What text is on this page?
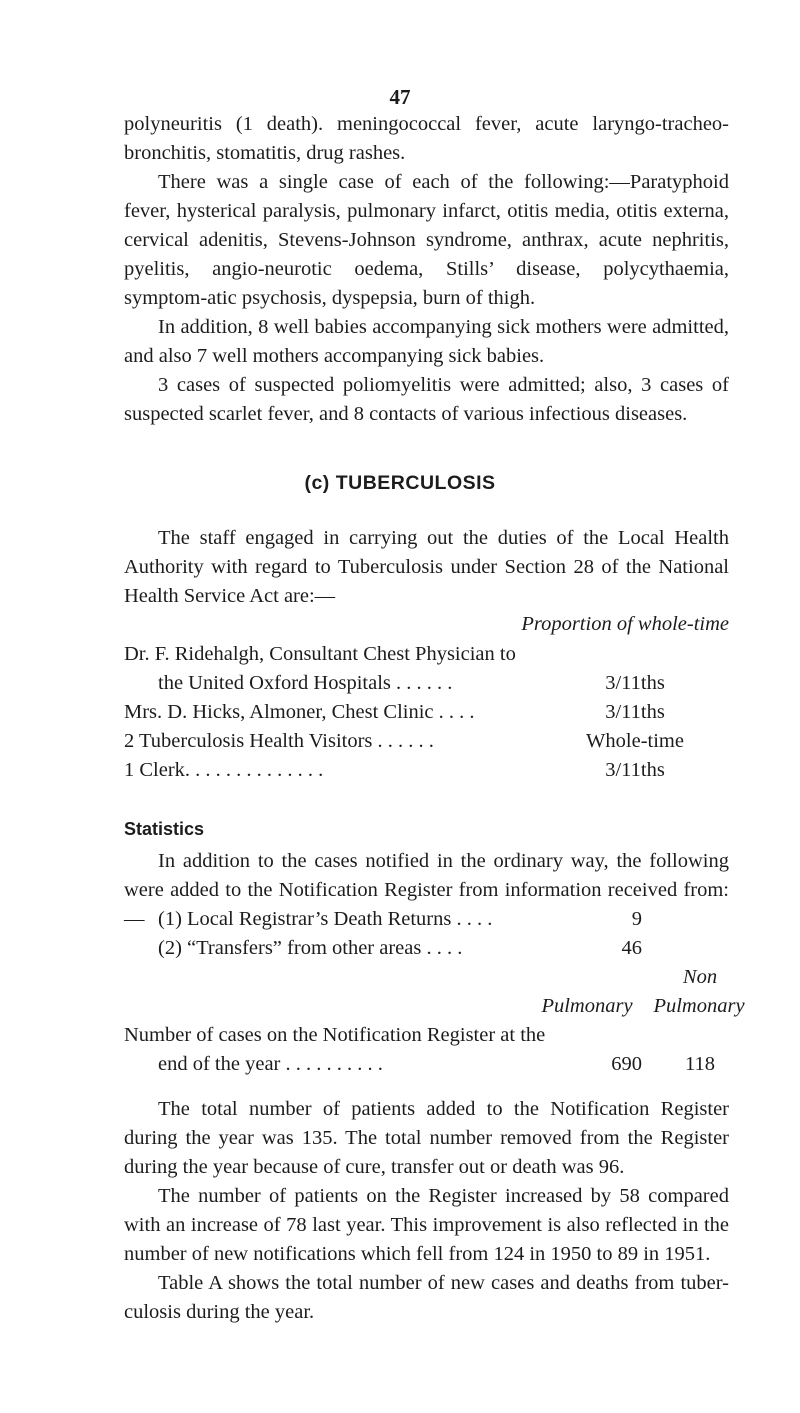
47

polyneuritis (1 death). meningococcal fever, acute laryngo-tracheo-bronchitis, stomatitis, drug rashes.

There was a single case of each of the following:—Paratyphoid fever, hysterical paralysis, pulmonary infarct, otitis media, otitis externa, cervical adenitis, Stevens-Johnson syndrome, anthrax, acute nephritis, pyelitis, angio-neurotic oedema, Stills’ disease, polycythaemia, symptom-atic psychosis, dyspepsia, burn of thigh.

In addition, 8 well babies accompanying sick mothers were admitted, and also 7 well mothers accompanying sick babies.

3 cases of suspected poliomyelitis were admitted; also, 3 cases of suspected scarlet fever, and 8 contacts of various infectious diseases.

(c) TUBERCULOSIS

The staff engaged in carrying out the duties of the Local Health Authority with regard to Tuberculosis under Section 28 of the National Health Service Act are:—

Proportion of whole-time
Dr. F. Ridehalgh, Consultant Chest Physician to
the United Oxford Hospitals . . . . . .	3/11ths
Mrs. D. Hicks, Almoner, Chest Clinic . . . .	3/11ths
2 Tuberculosis Health Visitors . . . . . .	Whole-time
1 Clerk. . . . . . . . . . . . . .	3/11ths
Statistics

In addition to the cases notified in the ordinary way, the following were added to the Notification Register from information received from:— (1) Local Registrar’s Death Returns . . . .	9
(2) “Transfers” from other areas . . . .	46
Non
Pulmonary	Pulmonary
Number of cases on the Notification Register at the
end of the year . . . . . . . . . .	690	118

The total number of patients added to the Notification Register during the year was 135. The total number removed from the Register during the year because of cure, transfer out or death was 96.

The number of patients on the Register increased by 58 compared with an increase of 78 last year. This improvement is also reflected in the number of new notifications which fell from 124 in 1950 to 89 in 1951.

Table A shows the total number of new cases and deaths from tuber-culosis during the year.
